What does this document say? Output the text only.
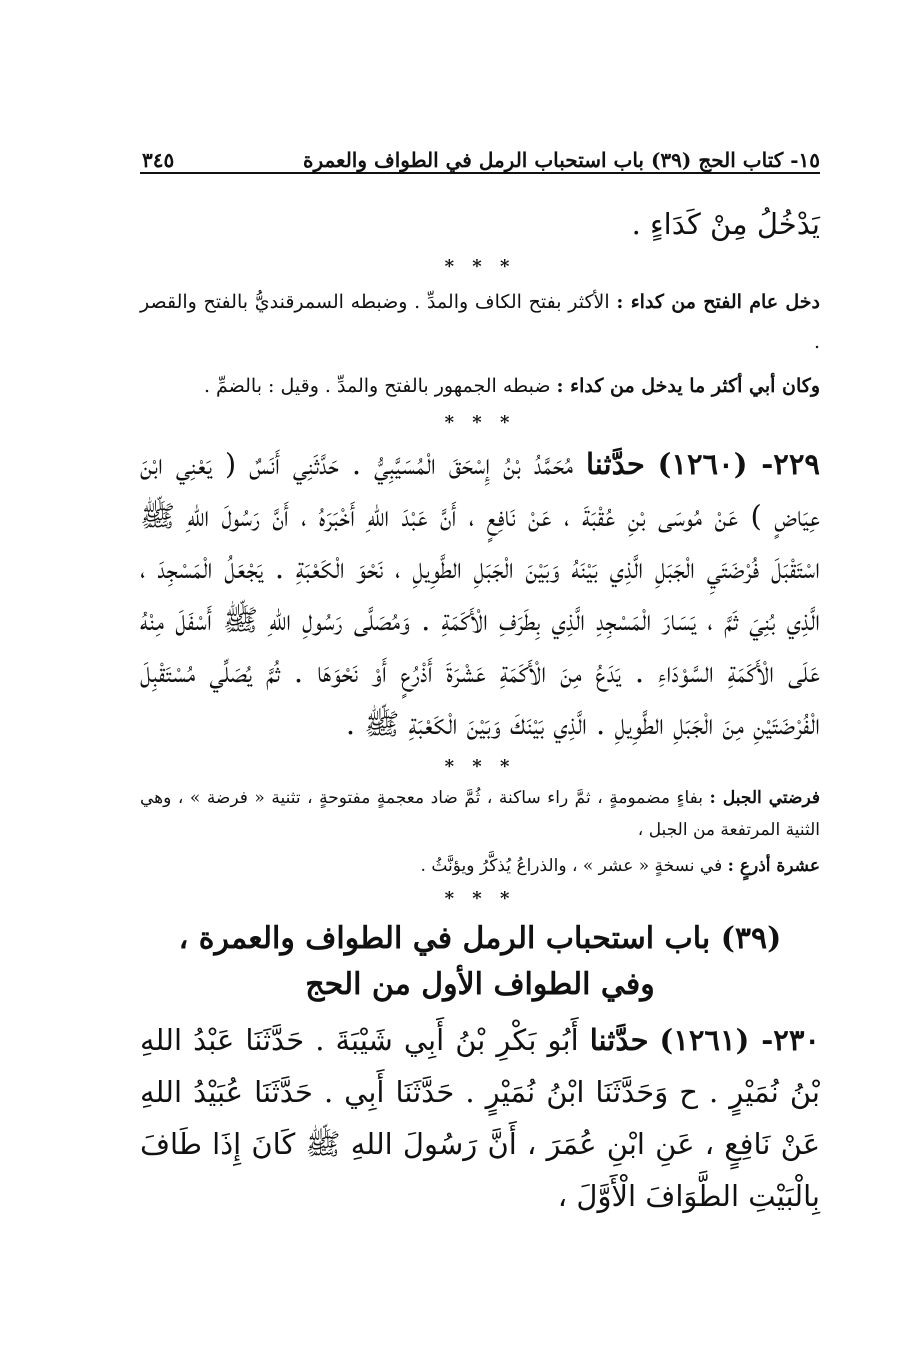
٣٤٥	١٥- كتاب الحج (٣٩) باب استحباب الرمل في الطواف والعمرة

يَدْخُلُ مِنْ كَدَاءٍ .

* * *

دخل عام الفتح من كداء : الأكثر بفتح الكاف والمدِّ . وضبطه السمرقنديُّ بالفتح والقصر .

وكان أبي أكثر ما يدخل من كداء : ضبطه الجمهور بالفتح والمدِّ . وقيل : بالضمِّ .

* * *

٢٢٩- (١٢٦٠) حدَّثنا مُحَمَّدُ بْنُ إِسْحَقَ الْمُسَيَّبِيُّ . حَدَّثَنِي أَنَسٌ ( يَعْنِي ابْنَ عِيَاضٍ ) عَنْ مُوسَى بْنِ عُقْبَةَ ، عَنْ نَافِعٍ ، أَنَّ عَبْدَ اللهِ أَخْبَرَهُ ، أَنَّ رَسُولَ اللهِ ﷺ اسْتَقْبَلَ فُرْضَتَيِ الْجَبَلِ الَّذِي بَيْنَهُ وَبَيْنَ الْجَبَلِ الطَّوِيلِ ، نَحْوَ الْكَعْبَةِ . يَجْعَلُ الْمَسْجِدَ ، الَّذِي بُنِيَ ثَمَّ ، يَسَارَ الْمَسْجِدِ الَّذِي بِطَرَفِ الْأَكَمَةِ . وَمُصَلَّى رَسُولِ اللهِ ﷺ أَسْفَلَ مِنْهُ عَلَى الْأَكَمَةِ السَّوْدَاءِ . يَدَعُ مِنَ الْأَكَمَةِ عَشْرَةَ أَذْرُعٍ أَوْ نَحْوَهَا . ثُمَّ يُصَلِّي مُسْتَقْبِلَ الْفُرْضَتَيْنِ مِنَ الْجَبَلِ الطَّوِيلِ . الَّذِي بَيْنَكَ وَبَيْنَ الْكَعْبَةِ ﷺ .

* * *

فرضتي الجبل : بفاءٍ مضمومةٍ ، ثمَّ راء ساكنة ، ثُمَّ ضاد معجمةٍ مفتوحةٍ ، تثنية « فرضة » ، وهي الثنية المرتفعة من الجبل ،

عشرة أذرعٍ : في نسخةٍ « عشر » ، والذراعُ يُذكَّرُ ويؤنَّثُ .

* * *
(٣٩) باب استحباب الرمل في الطواف والعمرة ،
وفي الطواف الأول من الحج

٢٣٠- (١٢٦١) حدَّثنا أَبُو بَكْرِ بْنُ أَبِي شَيْبَةَ . حَدَّثَنَا عَبْدُ اللهِ بْنُ نُمَيْرٍ . ح وَحَدَّثَنَا ابْنُ نُمَيْرٍ . حَدَّثَنَا أَبِي . حَدَّثَنَا عُبَيْدُ اللهِ عَنْ نَافِعٍ ، عَنِ ابْنِ عُمَرَ ، أَنَّ رَسُولَ اللهِ ﷺ كَانَ إِذَا طَافَ بِالْبَيْتِ الطَّوَافَ الْأَوَّلَ ،
